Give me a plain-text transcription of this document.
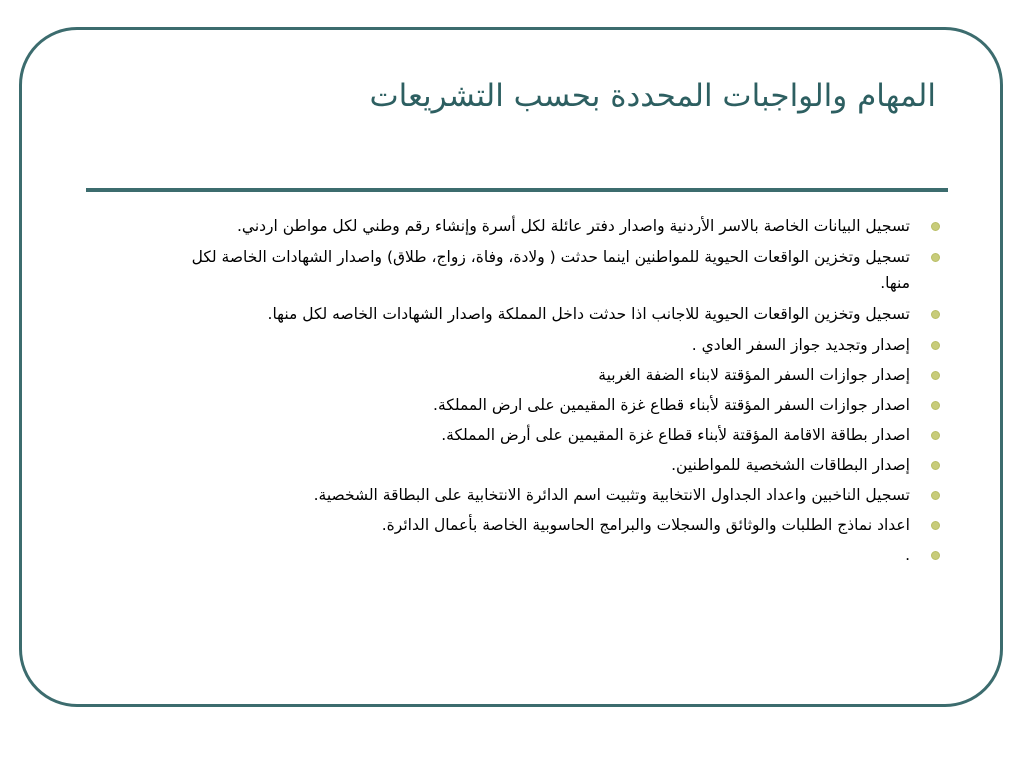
المهام والواجبات المحددة بحسب التشريعات
تسجيل البيانات الخاصة بالاسر الأردنية واصدار دفتر عائلة لكل أسرة وإنشاء رقم وطني لكل مواطن اردني.
تسجيل وتخزين الواقعات الحيوية للمواطنين اينما حدثت ( ولادة، وفاة، زواج، طلاق) واصدار الشهادات الخاصة لكل منها.
تسجيل وتخزين الواقعات الحيوية للاجانب اذا حدثت داخل المملكة واصدار الشهادات الخاصه لكل منها.
إصدار وتجديد جواز السفر العادي .
إصدار جوازات السفر المؤقتة لابناء الضفة الغربية
اصدار جوازات السفر المؤقتة لأبناء قطاع غزة المقيمين على ارض المملكة.
اصدار بطاقة الاقامة المؤقتة لأبناء قطاع غزة المقيمين على أرض المملكة.
إصدار البطاقات الشخصية للمواطنين.
تسجيل الناخبين واعداد الجداول الانتخابية وتثبيت اسم الدائرة الانتخابية على البطاقة الشخصية.
اعداد نماذج الطلبات والوثائق والسجلات والبرامج الحاسوبية الخاصة بأعمال الدائرة.
.
